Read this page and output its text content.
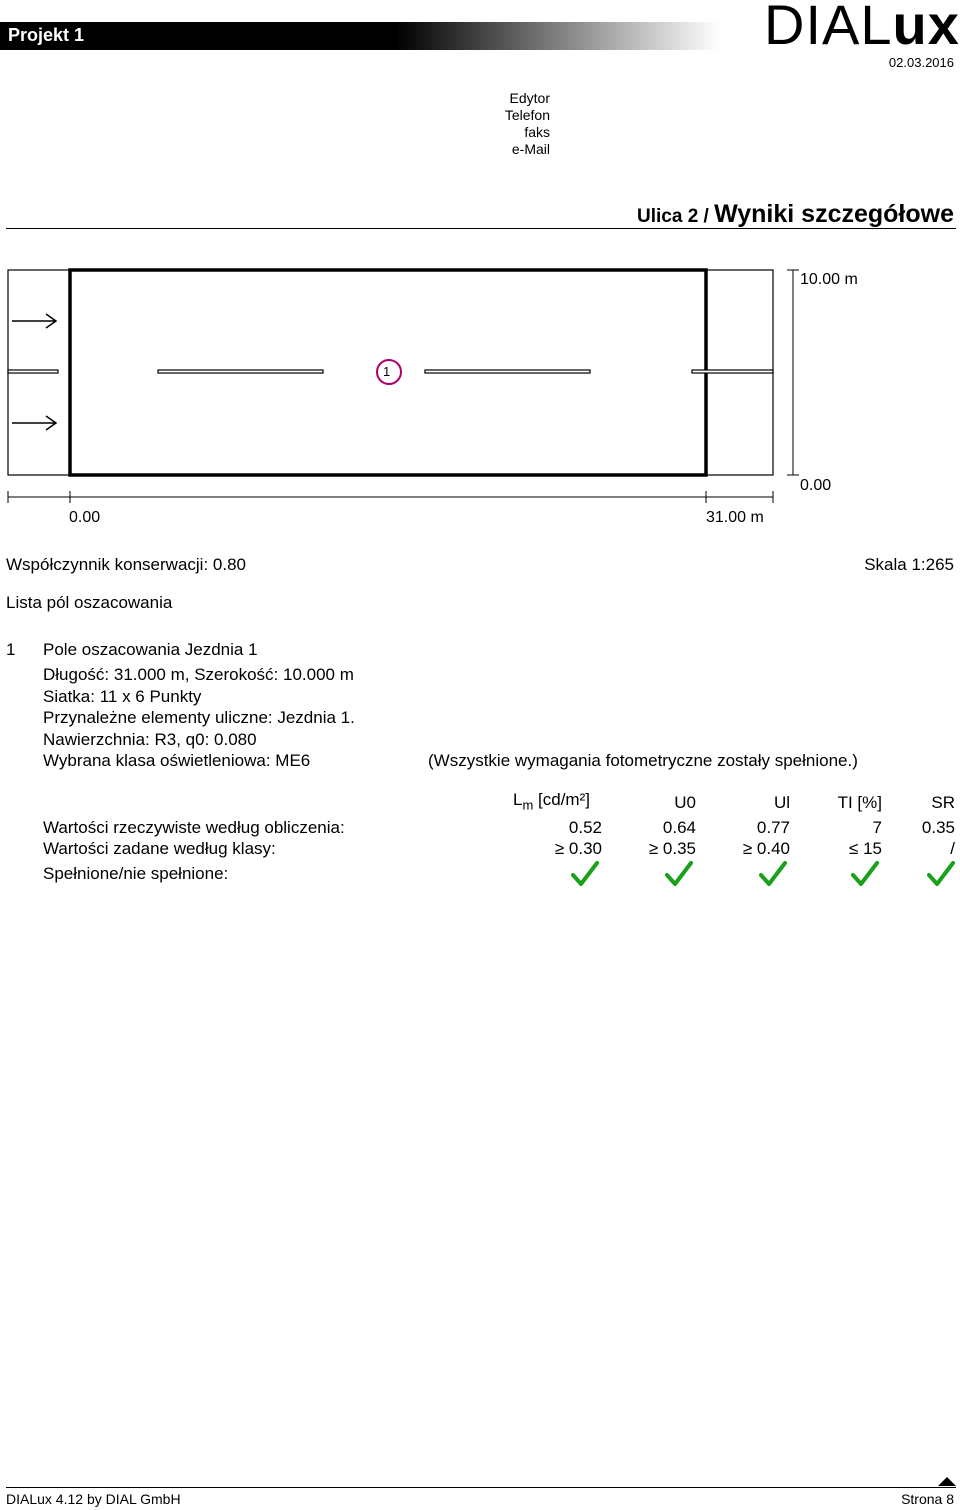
Projekt 1	DIALux
02.03.2016
Edytor
Telefon
faks
e-Mail
Ulica 2 / Wyniki szczegółowe
1
10.00 m
0.00
0.00	31.00 m
Współczynnik konserwacji: 0.80	Skala 1:265
Lista pól oszacowania
1 Pole oszacowania Jezdnia 1
Długość: 31.000 m, Szerokość: 10.000 m
Siatka: 11 x 6 Punkty
Przynależne elementy uliczne: Jezdnia 1.
Nawierzchnia: R3, q0: 0.080
Wybrana klasa oświetleniowa: ME6	(Wszystkie wymagania fotometryczne zostały spełnione.)
$L_m$ [cd/m²]	U0	Ul	TI [%]	SR
Wartości rzeczywiste według obliczenia:	0.52	0.64	0.77	7 0.35
Wartości zadane według klasy:	≥ 0.30	≥ 0.35	≥ 0.40	≤ 15	/
Spełnione/nie spełnione:
DIALux 4.12 by DIAL GmbH	Strona 8
